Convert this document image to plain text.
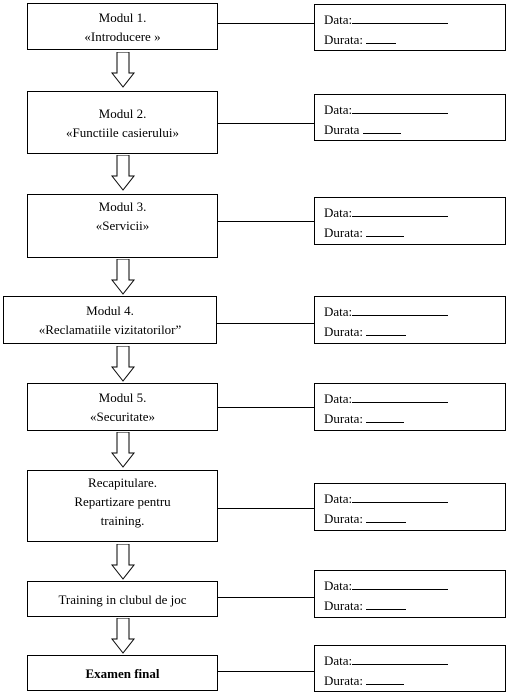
Modul 1.
«Introducere »
Data:
Durata:
Modul 2.
«Functiile casierului»
Data:
Durata
Modul 3.
«Servicii»
Data:
Durata:
Modul 4.
«Reclamatiile vizitatorilor”
Data:
Durata:
Modul 5.
«Securitate»
Data:
Durata:
Recapitulare.
Repartizare pentru
training.
Data:
Durata:
Training in clubul de joc
Data:
Durata:
Examen final
Data:
Durata:
